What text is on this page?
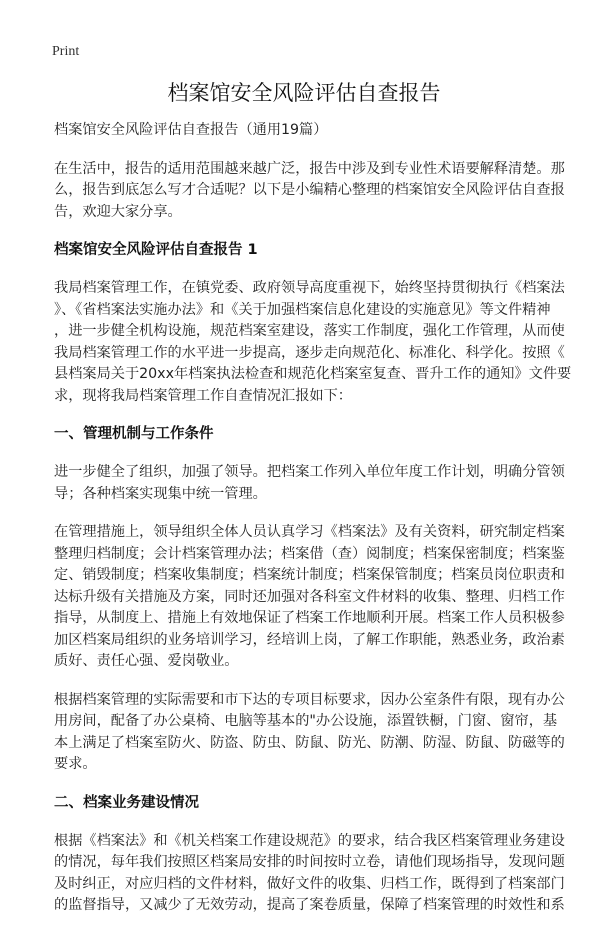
Print
档案馆安全风险评估自查报告
档案馆安全风险评估自查报告（通用19篇）
在生活中，报告的适用范围越来越广泛，报告中涉及到专业性术语要解释清楚。那
么，报告到底怎么写才合适呢？以下是小编精心整理的档案馆安全风险评估自查报
告，欢迎大家分享。
档案馆安全风险评估自查报告 1
我局档案管理工作，在镇党委、政府领导高度重视下，始终坚持贯彻执行《档案法
》、《省档案法实施办法》和《关于加强档案信息化建设的实施意见》等文件精神
，进一步健全机构设施，规范档案室建设，落实工作制度，强化工作管理，从而使
我局档案管理工作的水平进一步提高，逐步走向规范化、标准化、科学化。按照《
县档案局关于20xx年档案执法检查和规范化档案室复查、晋升工作的通知》文件要
求，现将我局档案管理工作自查情况汇报如下：
一、管理机制与工作条件
进一步健全了组织，加强了领导。把档案工作列入单位年度工作计划，明确分管领
导；各种档案实现集中统一管理。
在管理措施上，领导组织全体人员认真学习《档案法》及有关资料，研究制定档案
整理归档制度；会计档案管理办法；档案借（查）阅制度；档案保密制度；档案鉴
定、销毁制度；档案收集制度；档案统计制度；档案保管制度；档案员岗位职责和
达标升级有关措施及方案，同时还加强对各科室文件材料的收集、整理、归档工作
指导，从制度上、措施上有效地保证了档案工作地顺利开展。档案工作人员积极参
加区档案局组织的业务培训学习，经培训上岗，了解工作职能，熟悉业务，政治素
质好、责任心强、爱岗敬业。
根据档案管理的实际需要和市下达的专项目标要求，因办公室条件有限，现有办公
用房间，配备了办公桌椅、电脑等基本的"办公设施，添置铁橱，门窗、窗帘，基
本上满足了档案室防火、防盗、防虫、防鼠、防光、防潮、防湿、防鼠、防磁等的
要求。
二、档案业务建设情况
根据《档案法》和《机关档案工作建设规范》的要求，结合我区档案管理业务建设
的情况，每年我们按照区档案局安排的时间按时立卷，请他们现场指导，发现问题
及时纠正，对应归档的文件材料，做好文件的收集、归档工作，既得到了档案部门
的监督指导，又减少了无效劳动，提高了案卷质量，保障了档案管理的时效性和系
